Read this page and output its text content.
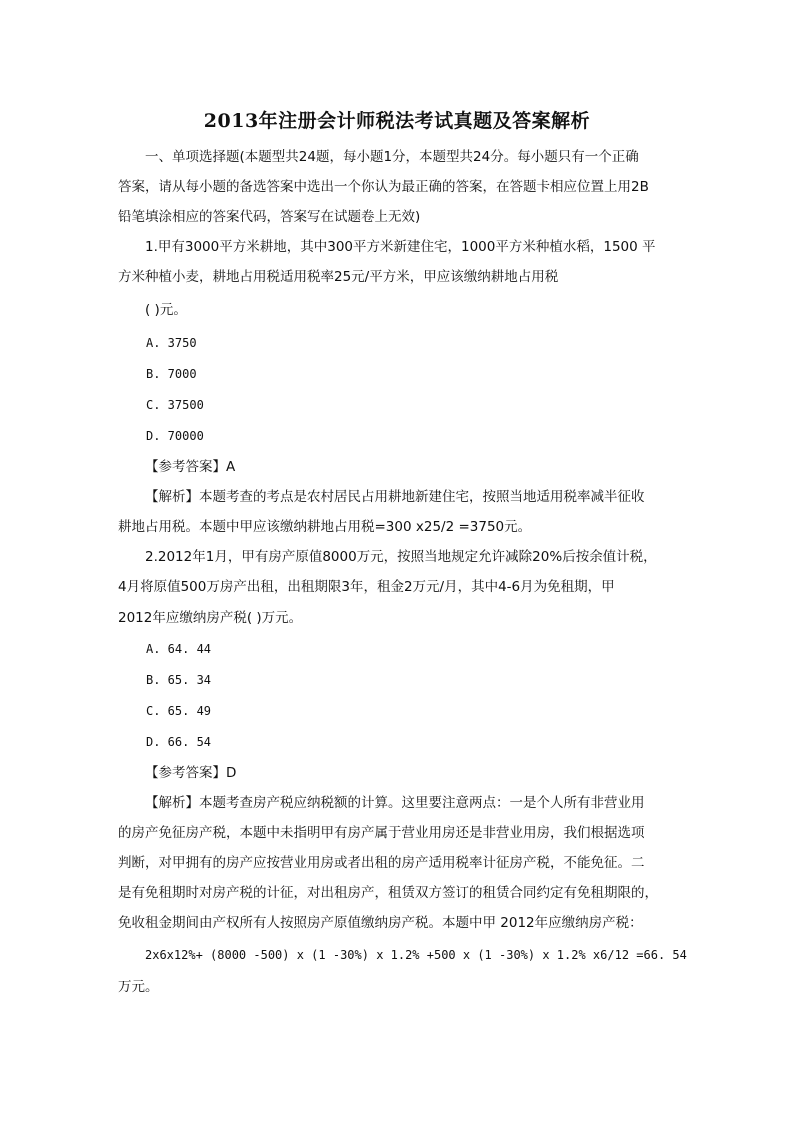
2013年注册会计师税法考试真题及答案解析

一、单项选择题(本题型共24题，每小题1分，本题型共24分。每小题只有一个正确

答案，请从每小题的备选答案中选出一个你认为最正确的答案，在答题卡相应位置上用2B

铅笔填涂相应的答案代码，答案写在试题卷上无效)

1.甲有3000平方米耕地，其中300平方米新建住宅，1000平方米种植水稻，1500 平

方米种植小麦，耕地占用税适用税率25元/平方米，甲应该缴纳耕地占用税

( )元。

A. 3750

B. 7000

C. 37500

D. 70000

【参考答案】A

【解析】本题考查的考点是农村居民占用耕地新建住宅，按照当地适用税率减半征收

耕地占用税。本题中甲应该缴纳耕地占用税=300 x25/2 =3750元。

2.2012年1月，甲有房产原值8000万元，按照当地规定允许减除20%后按余值计税，

4月将原值500万房产出租，出租期限3年，租金2万元/月，其中4-6月为免租期，甲

2012年应缴纳房产税( )万元。

A. 64. 44

B. 65. 34

C. 65. 49

D. 66. 54

【参考答案】D

【解析】本题考查房产税应纳税额的计算。这里要注意两点：一是个人所有非营业用

的房产免征房产税，本题中未指明甲有房产属于营业用房还是非营业用房，我们根据选项

判断，对甲拥有的房产应按营业用房或者出租的房产适用税率计征房产税，不能免征。二

是有免租期时对房产税的计征，对出租房产，租赁双方签订的租赁合同约定有免租期限的，

免收租金期间由产权所有人按照房产原值缴纳房产税。本题中甲 2012年应缴纳房产税：

2x6x12%+ (8000 -500) x (1 -30%) x 1.2% +500 x (1 -30%) x 1.2% x6/12 =66. 54

万元。
